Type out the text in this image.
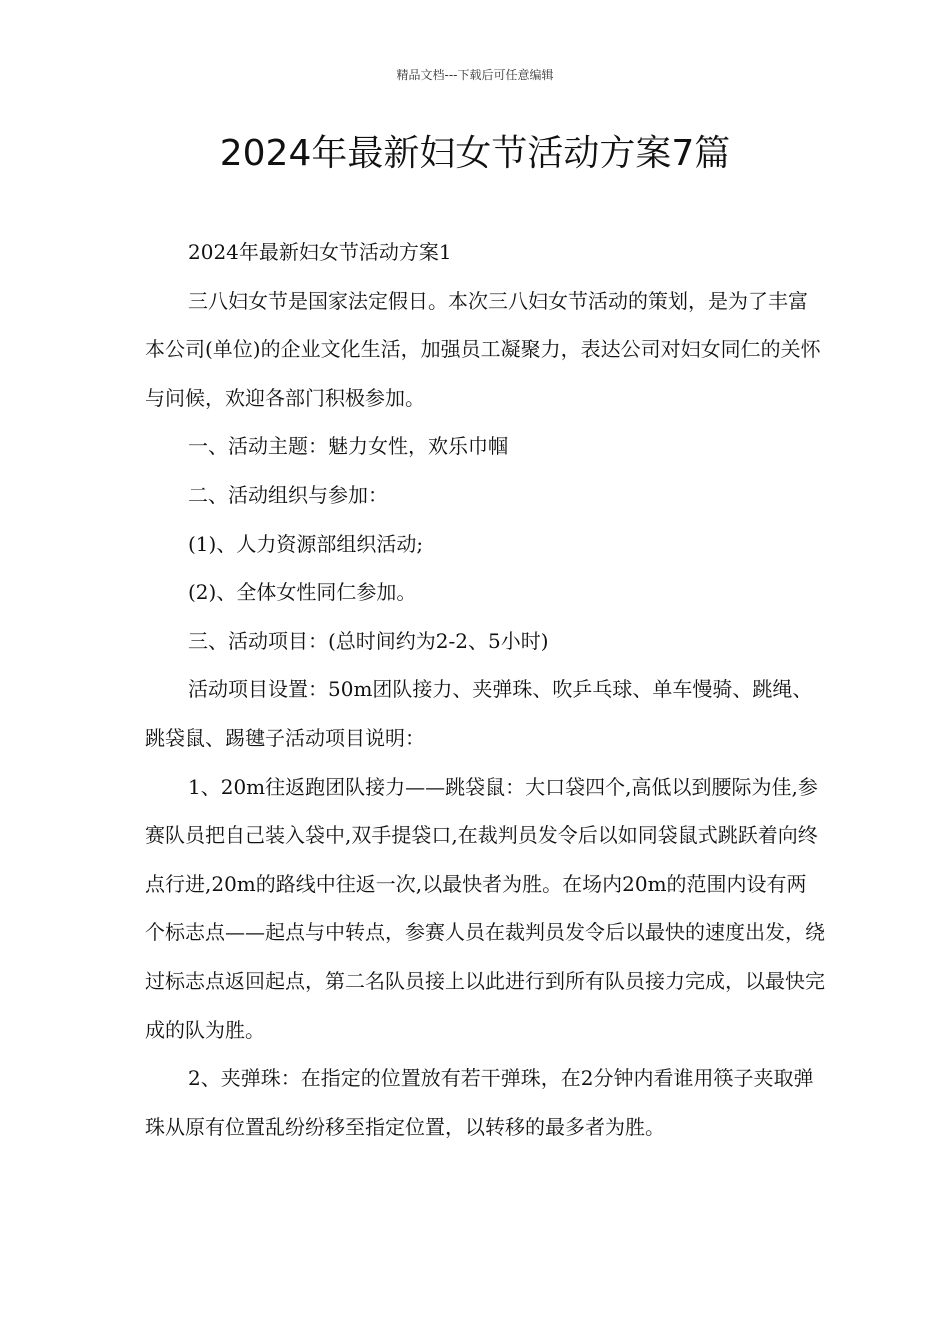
精品文档---下载后可任意编辑
2024年最新妇女节活动方案7篇

2024年最新妇女节活动方案1

三八妇女节是国家法定假日。本次三八妇女节活动的策划，是为了丰富本公司(单位)的企业文化生活，加强员工凝聚力，表达公司对妇女同仁的关怀与问候，欢迎各部门积极参加。

一、活动主题：魅力女性，欢乐巾帼

二、活动组织与参加：

(1)、人力资源部组织活动;

(2)、全体女性同仁参加。

三、活动项目：(总时间约为2-2、5小时)

活动项目设置：50m团队接力、夹弹珠、吹乒乓球、单车慢骑、跳绳、跳袋鼠、踢毽子活动项目说明：

1、20m往返跑团队接力——跳袋鼠：大口袋四个,高低以到腰际为佳,参赛队员把自己装入袋中,双手提袋口,在裁判员发令后以如同袋鼠式跳跃着向终点行进,20m的路线中往返一次,以最快者为胜。在场内20m的范围内设有两个标志点——起点与中转点，参赛人员在裁判员发令后以最快的速度出发，绕过标志点返回起点，第二名队员接上以此进行到所有队员接力完成，以最快完成的队为胜。

2、夹弹珠：在指定的位置放有若干弹珠，在2分钟内看谁用筷子夹取弹珠从原有位置乱纷纷移至指定位置，以转移的最多者为胜。
